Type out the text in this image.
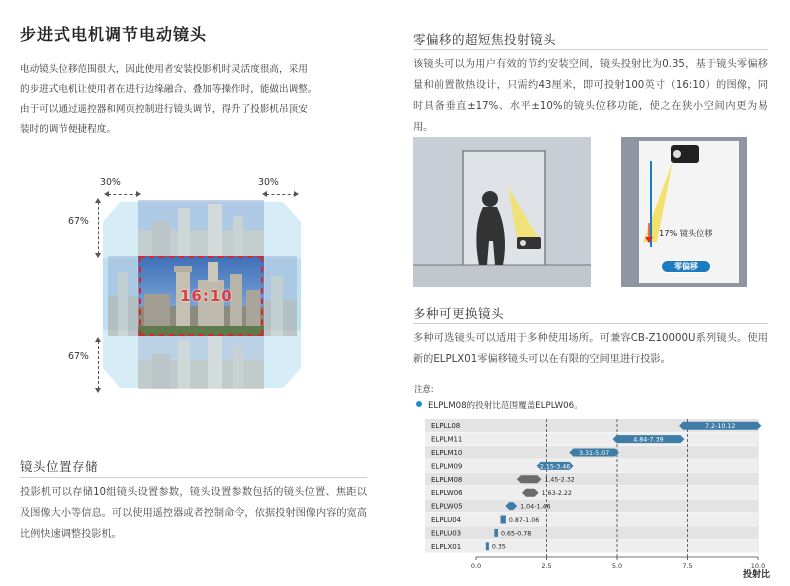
步进式电机调节电动镜头

电动镜头位移范围很大，因此使用者安装投影机时灵活度很高，采用

的步进式电机让使用者在进行边缘融合、叠加等操作时，能做出调整。

由于可以通过遥控器和网页控制进行镜头调节，得升了投影机吊顶安

装时的调节便捷程度。

16:10
30%	30%
67%
67%
镜头位置存储
投影机可以存储10组镜头设置参数，镜头设置参数包括的镜头位置、焦距以及图像大小等信息。可以使用遥控器或者控制命令，依据投射图像内容的宽高比例快速调整投影机。
零偏移的超短焦投射镜头
该镜头可以为用户有效的节约安装空间，镜头投射比为0.35，基于镜头零偏移量和前置散热设计，只需约43厘米，即可投射100英寸（16:10）的图像，同时具备垂直±17%、水平±10%的镜头位移功能，使之在狭小空间内更为易用。
17% 镜头位移
零偏移
多种可更换镜头
多种可选镜头可以适用于多种使用场所。可兼容CB-Z10000U系列镜头。使用新的ELPLX01零偏移镜头可以在有限的空间里进行投影。
注意:
ELPLM08的投射比范围覆盖ELPLW06。
0.0	2.5	5.0	7.5	10.0
投射比
ELPLL08
ELPLM11
ELPLM10
ELPLM09
ELPLM08
ELPLW06
ELPLW05
ELPLU04
ELPLU03
ELPLX01
7.2-10.12
4.84-7.39
3.31-5.07
2.15-3.46
1.45-2.32
1.63-2.22
1.04-1.46
0.87-1.06
0.65-0.78
0.35
